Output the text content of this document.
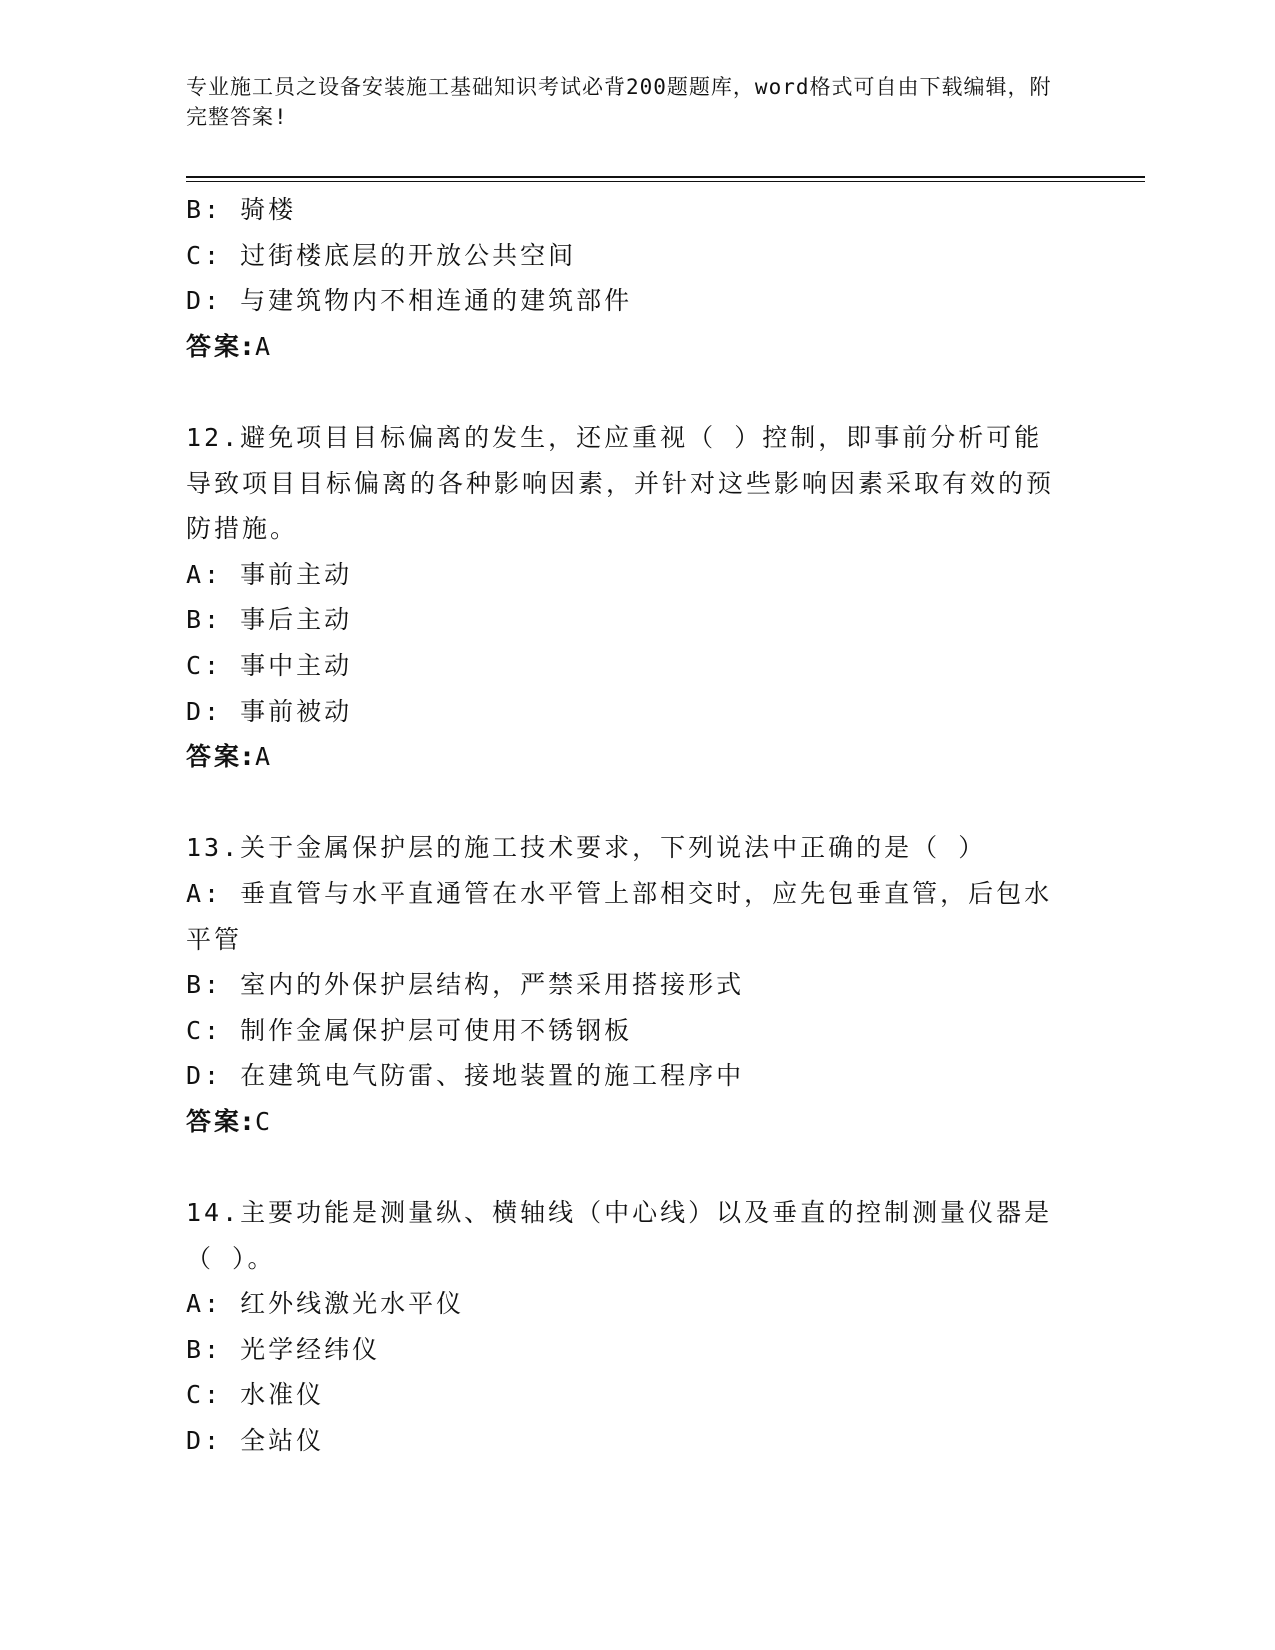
专业施工员之设备安装施工基础知识考试必背200题题库，word格式可自由下载编辑，附完整答案!
B: 骑楼
C: 过街楼底层的开放公共空间
D: 与建筑物内不相连通的建筑部件
答案:A
12.避免项目目标偏离的发生，还应重视（ ）控制，即事前分析可能导致项目目标偏离的各种影响因素，并针对这些影响因素采取有效的预防措施。
A: 事前主动
B: 事后主动
C: 事中主动
D: 事前被动
答案:A
13.关于金属保护层的施工技术要求，下列说法中正确的是（ ）
A: 垂直管与水平直通管在水平管上部相交时，应先包垂直管，后包水平管
B: 室内的外保护层结构，严禁采用搭接形式
C: 制作金属保护层可使用不锈钢板
D: 在建筑电气防雷、接地装置的施工程序中
答案:C
14.主要功能是测量纵、横轴线（中心线）以及垂直的控制测量仪器是（ ）。
A: 红外线激光水平仪
B: 光学经纬仪
C: 水准仪
D: 全站仪
